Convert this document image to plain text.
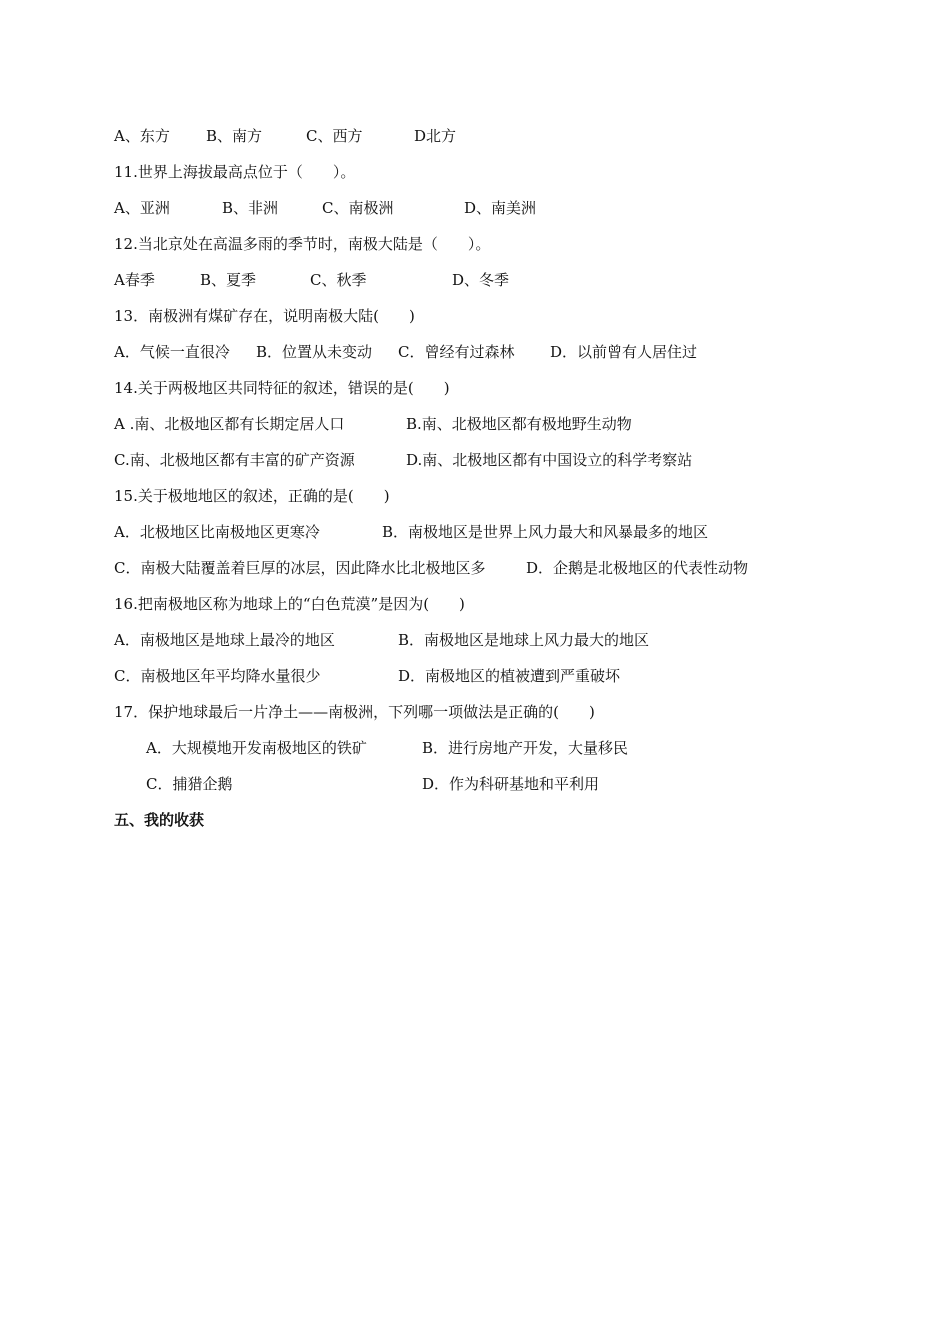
A、东方 B、南方	C、西方	D北方
11.世界上海拔最高点位于（　　）。
A、亚洲	B、非洲	C、南极洲	D、南美洲
12.当北京处在高温多雨的季节时，南极大陆是（　　）。
A春季	B、夏季	C、秋季	D、冬季
13．南极洲有煤矿存在，说明南极大陆(　　)
A．气候一直很冷 B．位置从未变动 C．曾经有过森林 D．以前曾有人居住过
14.关于两极地区共同特征的叙述，错误的是(　　)
A .南、北极地区都有长期定居人口	B.南、北极地区都有极地野生动物
C.南、北极地区都有丰富的矿产资源	D.南、北极地区都有中国设立的科学考察站
15.关于极地地区的叙述，正确的是(　　)
A．北极地区比南极地区更寒冷	B．南极地区是世界上风力最大和风暴最多的地区
C．南极大陆覆盖着巨厚的冰层，因此降水比北极地区多	D．企鹅是北极地区的代表性动物
16.把南极地区称为地球上的“白色荒漠”是因为(　　)
A．南极地区是地球上最冷的地区	B．南极地区是地球上风力最大的地区
C．南极地区年平均降水量很少	D．南极地区的植被遭到严重破坏
17．保护地球最后一片净土——南极洲，下列哪一项做法是正确的(　　)
A．大规模地开发南极地区的铁矿	B．进行房地产开发，大量移民
C．捕猎企鹅	D．作为科研基地和平利用
五、我的收获
